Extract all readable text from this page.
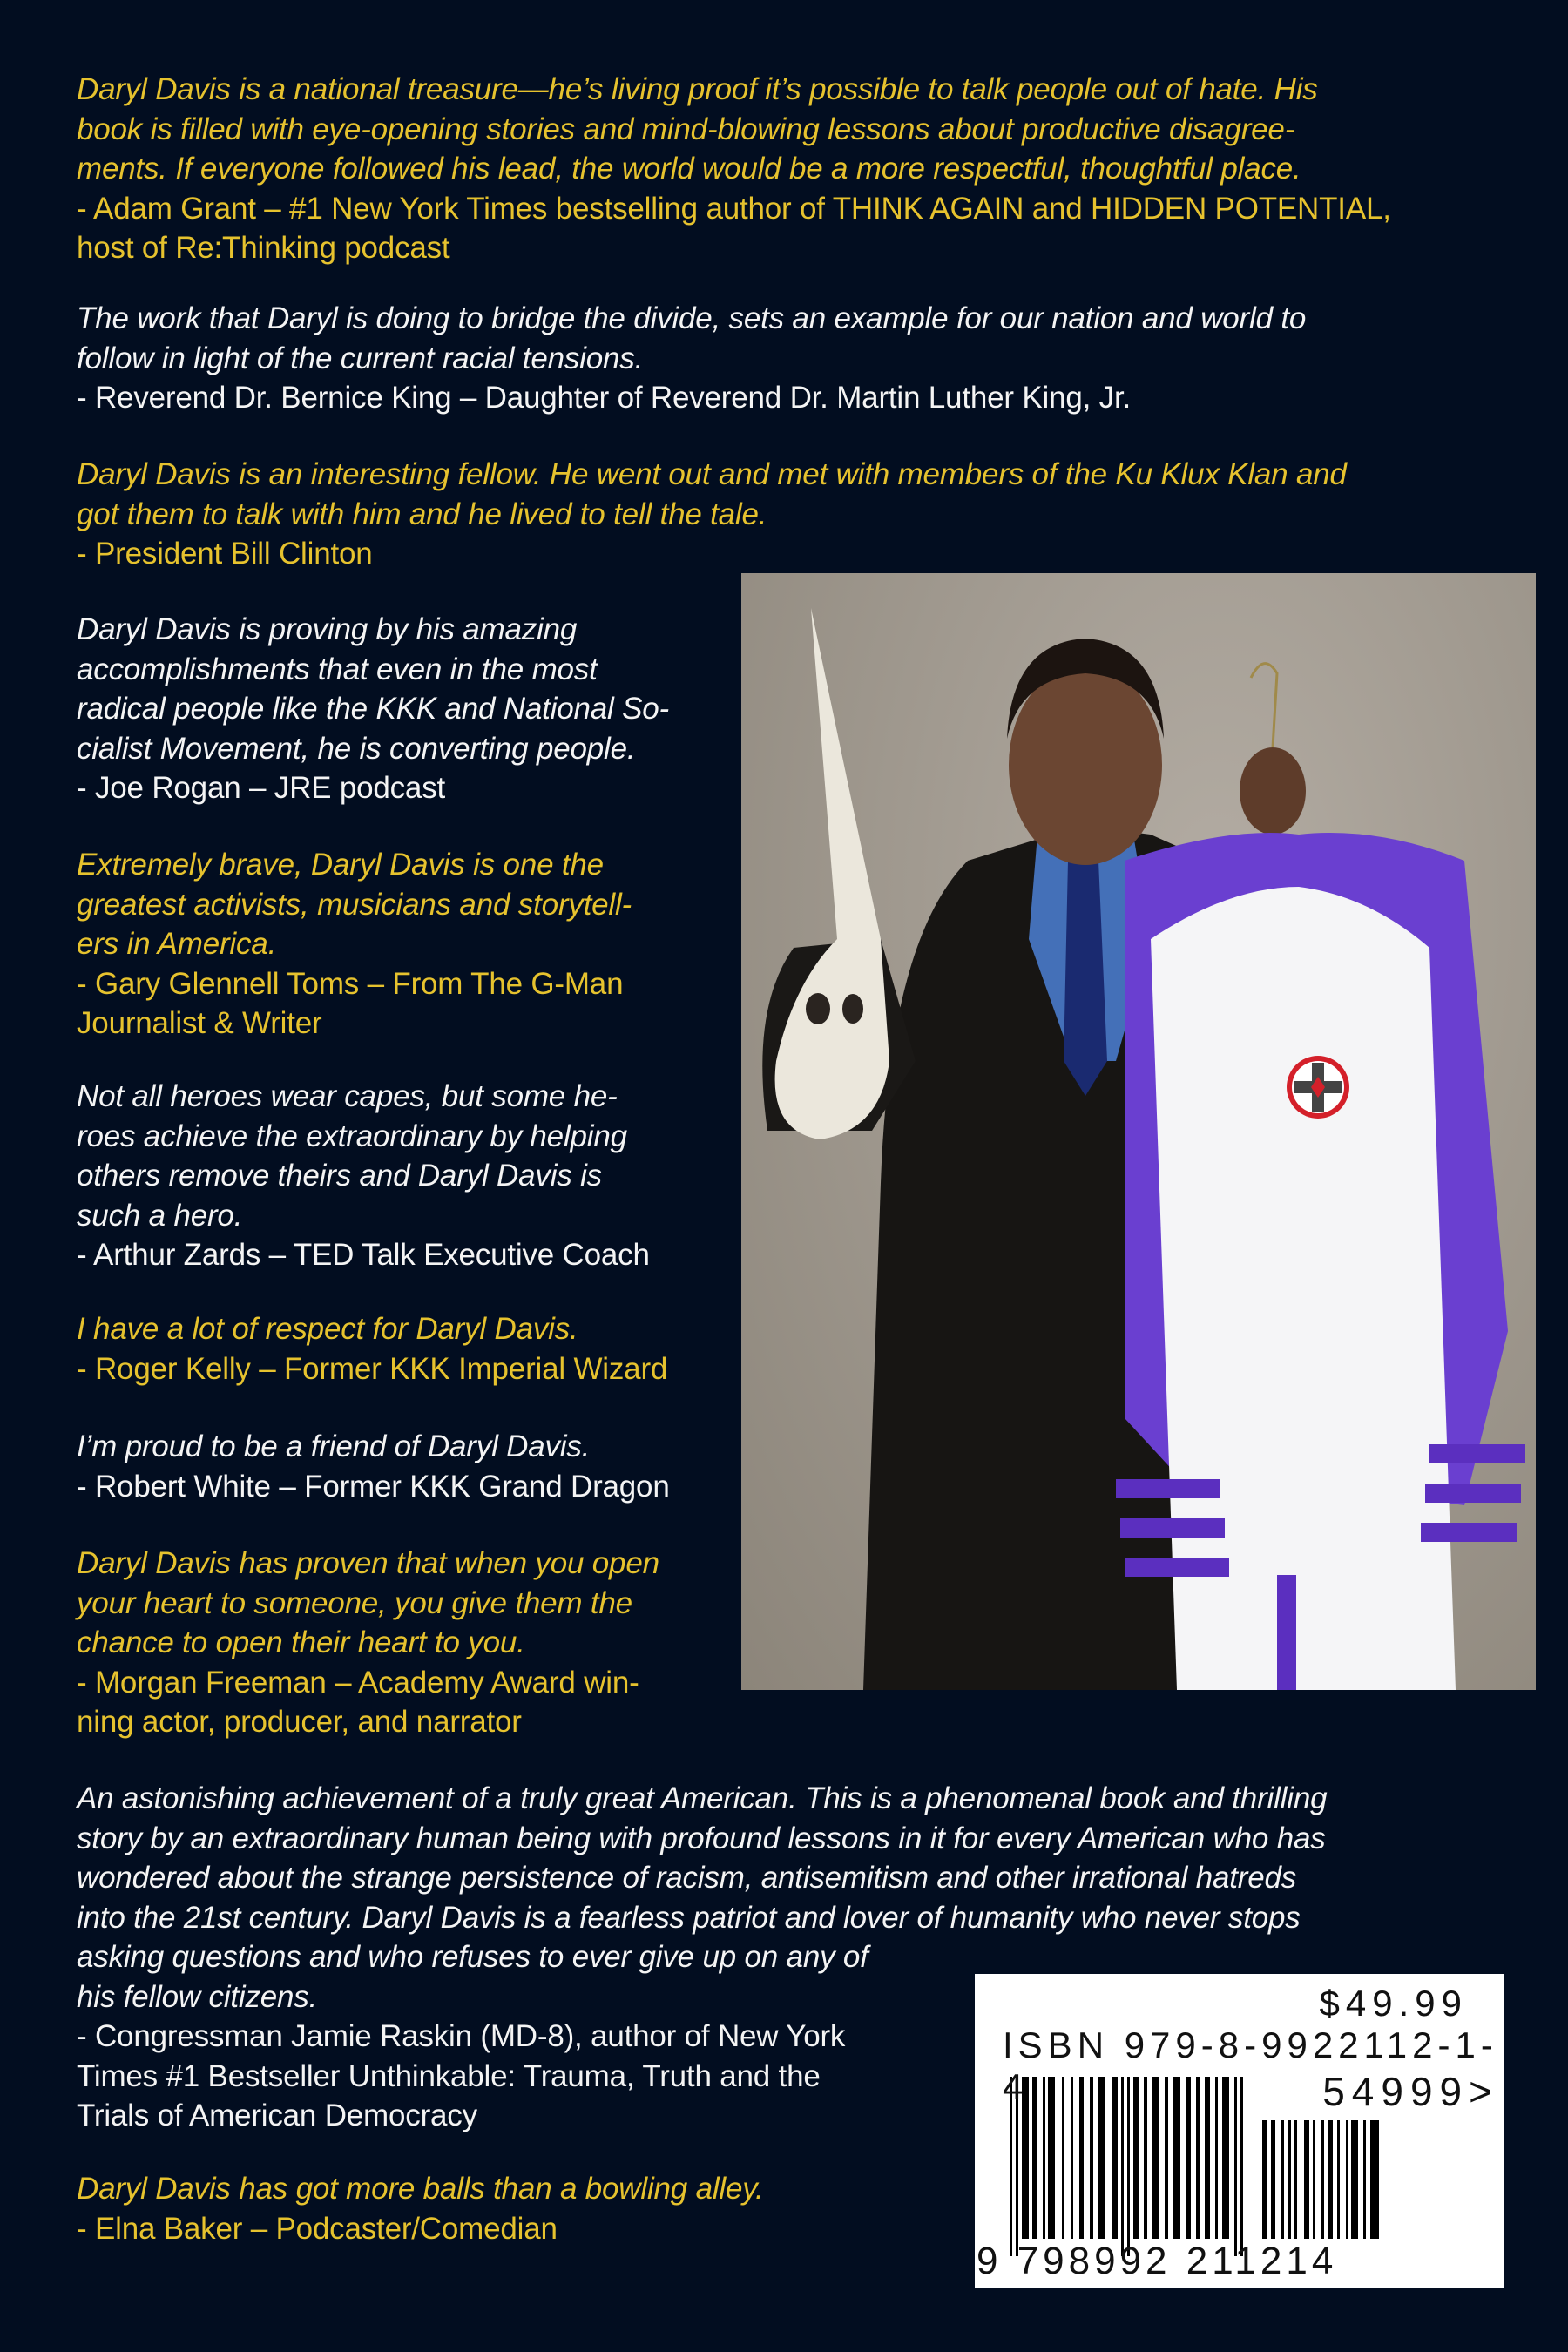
Daryl Davis is a national treasure—he’s living proof it’s possible to talk people out of hate. His
book is filled with eye-opening stories and mind-blowing lessons about productive disagree-
ments. If everyone followed his lead, the world would be a more respectful, thoughtful place.

- Adam Grant – #1 New York Times bestselling author of THINK AGAIN and HIDDEN POTENTIAL,
host of Re:Thinking podcast

The work that Daryl is doing to bridge the divide, sets an example for our nation and world to
follow in light of the current racial tensions.

- Reverend Dr. Bernice King – Daughter of Reverend Dr. Martin Luther King, Jr.

Daryl Davis is an interesting fellow. He went out and met with members of the Ku Klux Klan and
got them to talk with him and he lived to tell the tale.

- President Bill Clinton

Daryl Davis is proving by his amazing
accomplishments that even in the most
radical people like the KKK and National So-
cialist Movement, he is converting people.

- Joe Rogan – JRE podcast

Extremely brave, Daryl Davis is one the
greatest activists, musicians and storytell-
ers in America.

- Gary Glennell Toms – From The G-Man
Journalist & Writer

Not all heroes wear capes, but some he-
roes achieve the extraordinary by helping
others remove theirs and Daryl Davis is
such a hero.

- Arthur Zards – TED Talk Executive Coach

I have a lot of respect for Daryl Davis.

- Roger Kelly – Former KKK Imperial Wizard

I’m proud to be a friend of Daryl Davis.

- Robert White – Former KKK Grand Dragon

Daryl Davis has proven that when you open
your heart to someone, you give them the
chance to open their heart to you.

- Morgan Freeman – Academy Award win-
ning actor, producer, and narrator

An astonishing achievement of a truly great American. This is a phenomenal book and thrilling
story by an extraordinary human being with profound lessons in it for every American who has
wondered about the strange persistence of racism, antisemitism and other irrational hatreds
into the 21st century. Daryl Davis is a fearless patriot and lover of humanity who never stops
asking questions and who refuses to ever give up on any of
his fellow citizens.

- Congressman Jamie Raskin (MD-8), author of New York
Times #1 Bestseller Unthinkable: Trauma, Truth and the
Trials of American Democracy

Daryl Davis has got more balls than a bowling alley.

- Elna Baker – Podcaster/Comedian

$49.99
ISBN 979-8-9922112-1-4	54999>
9 798992 211214
